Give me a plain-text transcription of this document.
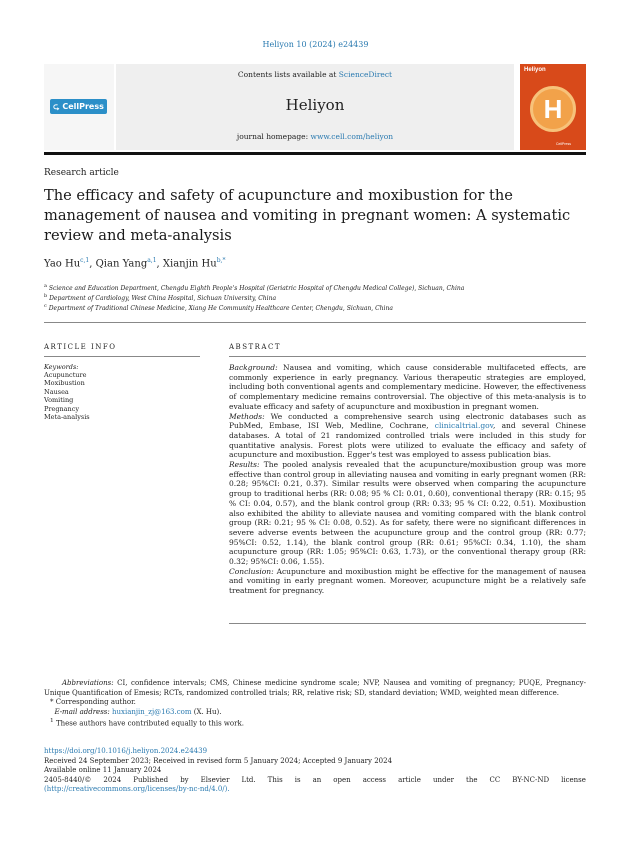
Heliyon 10 (2024) e24439
⮎ CellPress
Contents lists available at ScienceDirect
Heliyon
journal homepage: www.cell.com/heliyon
Heliyon
H
CellPress
Research article
The efficacy and safety of acupuncture and moxibustion for the management of nausea and vomiting in pregnant women: A systematic review and meta-analysis
Yao Hu$^{c,1}$, Qian Yang$^{a,1}$, Xianjin $Hu^{b,*}$
$^a$ Science and Education Department, Chengdu Eighth People's Hospital (Geriatric Hospital of Chengdu Medical College), Sichuan, China
$^b$ Department of Cardiology, West China Hospital, Sichuan University, China
$^c$ Department of Traditional Chinese Medicine, Xiang He Community Healthcare Center, Chengdu, Sichuan, China
ARTICLE INFO
Keywords:
Acupuncture
Moxibustion
Nausea
Vomiting
Pregnancy
Meta-analysis
ABSTRACT

Background: Nausea and vomiting, which cause considerable multifaceted effects, are commonly experience in early pregnancy. Various therapeutic strategies are employed, including both conventional agents and complementary medicine. However, the effectiveness of complementary medicine remains controversial. The objective of this meta-analysis is to evaluate efficacy and safety of acupuncture and moxibustion in pregnant women.

Methods: We conducted a comprehensive search using electronic databases such as PubMed, Embase, ISI Web, Medline, Cochrane, clinicaltrial.gov, and several Chinese databases. A total of 21 randomized controlled trials were included in this study for quantitative analysis. Forest plots were utilized to evaluate the efficacy and safety of acupuncture and moxibustion. Egger's test was employed to assess publication bias.

Results: The pooled analysis revealed that the acupuncture/moxibustion group was more effective than control group in alleviating nausea and vomiting in early pregnant women (RR: 0.28; 95%CI: 0.21, 0.37). Similar results were observed when comparing the acupuncture group to traditional herbs (RR: 0.08; 95 % CI: 0.01, 0.60), conventional therapy (RR: 0.15; 95 % CI: 0.04, 0.57), and the blank control group (RR: 0.33; 95 % CI: 0.22, 0.51). Moxibustion also exhibited the ability to alleviate nausea and vomiting compared with the blank control group (RR: 0.21; 95 % CI: 0.08, 0.52). As for safety, there were no significant differences in severe adverse events between the acupuncture group and the control group (RR: 0.77; 95%CI: 0.52, 1.14), the blank control group (RR: 0.61; 95%CI: 0.34, 1.10), the sham acupuncture group (RR: 1.05; 95%CI: 0.63, 1.73), or the conventional therapy group (RR: 0.32; 95%CI: 0.06, 1.55).

Conclusion: Acupuncture and moxibustion might be effective for the management of nausea and vomiting in early pregnant women. Moreover, acupuncture might be a relatively safe treatment for pregnancy.

Abbreviations: CI, confidence intervals; CMS, Chinese medicine syndrome scale; NVP, Nausea and vomiting of pregnancy; PUQE, Pregnancy-Unique Quantification of Emesis; RCTs, randomized controlled trials; RR, relative risk; SD, standard deviation; WMD, weighted mean difference.
* Corresponding author.
E-mail address: huxianjin_zj@163.com (X. Hu).
$^1$ These authors have contributed equally to this work.
https://doi.org/10.1016/j.heliyon.2024.e24439
Received 24 September 2023; Received in revised form 5 January 2024; Accepted 9 January 2024
Available online 11 January 2024
2405-8440/© 2024 Published by Elsevier Ltd. This is an open access article under the CC BY-NC-ND license
(http://creativecommons.org/licenses/by-nc-nd/4.0/).
